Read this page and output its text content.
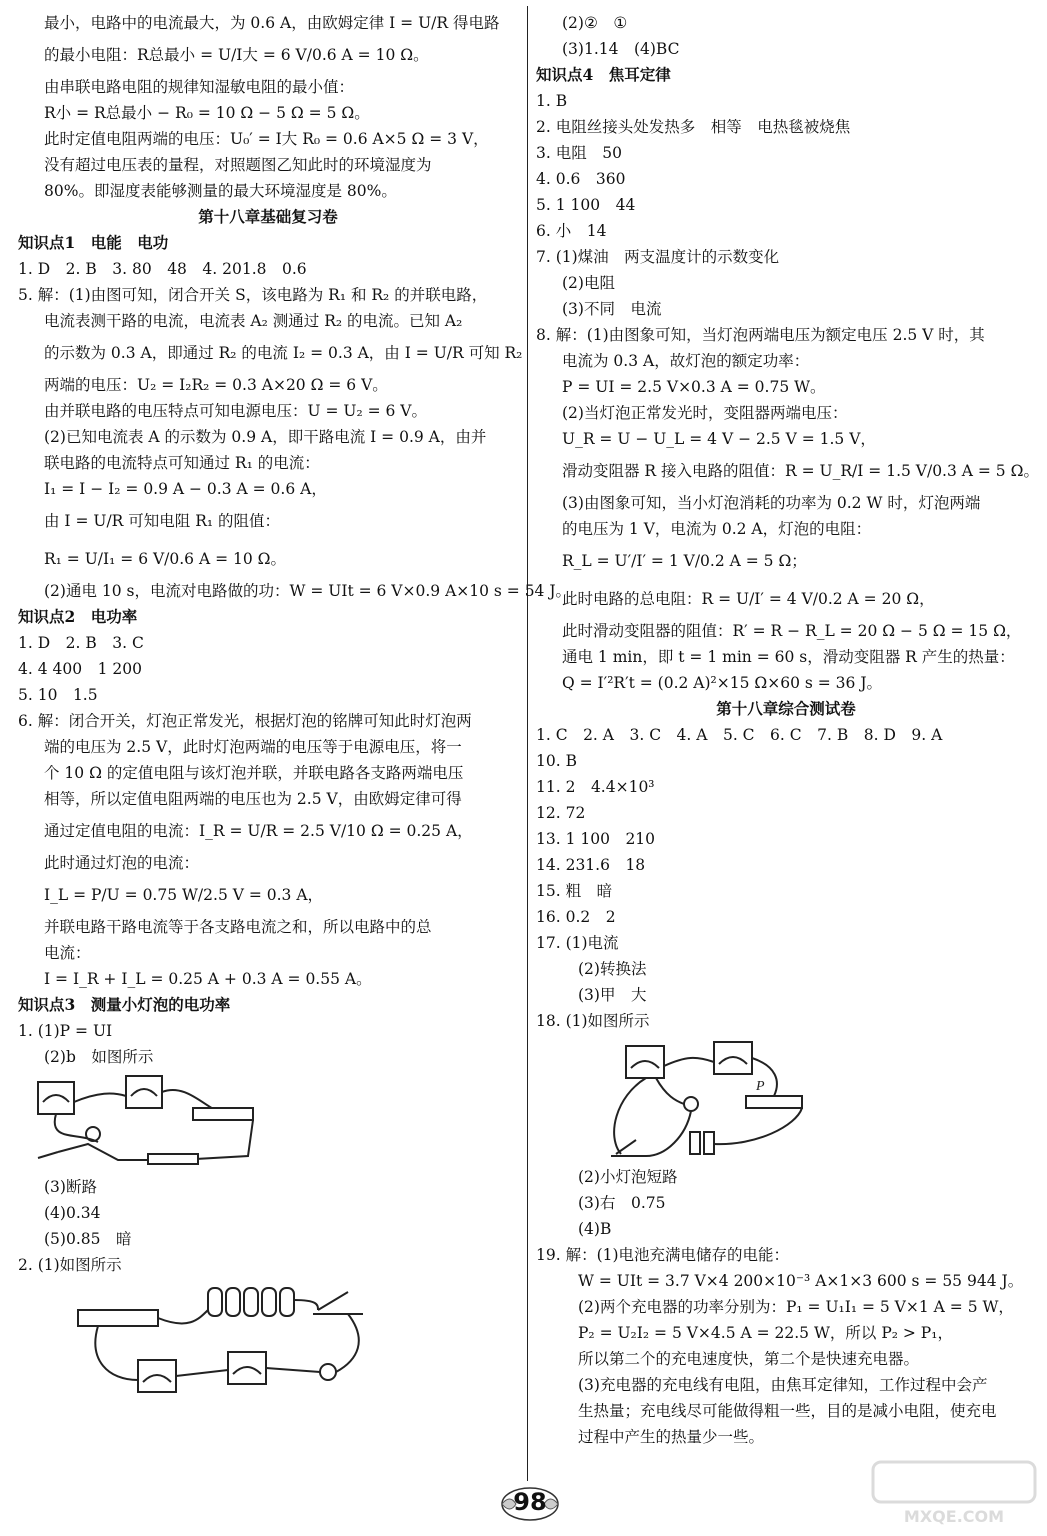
最小，电路中的电流最大，为 0.6 A，由欧姆定律 I = U/R 得电路
的最小电阻：R总最小 = U/I大 = 6 V/0.6 A = 10 Ω。
由串联电路电阻的规律知湿敏电阻的最小值：
R小 = R总最小 − R₀ = 10 Ω − 5 Ω = 5 Ω。
此时定值电阻两端的电压：U₀′ = I大 R₀ = 0.6 A×5 Ω = 3 V，
没有超过电压表的量程，对照题图乙知此时的环境湿度为
80%。即湿度表能够测量的最大环境湿度是 80%。
第十八章基础复习卷
知识点1　电能　电功
1. D　2. B　3. 80　48　4. 201.8　0.6
5. 解：(1)由图可知，闭合开关 S，该电路为 R₁ 和 R₂ 的并联电路，
电流表测干路的电流，电流表 A₂ 测通过 R₂ 的电流。已知 A₂
的示数为 0.3 A，即通过 R₂ 的电流 I₂ = 0.3 A，由 I = U/R 可知 R₂
两端的电压：U₂ = I₂R₂ = 0.3 A×20 Ω = 6 V。
由并联电路的电压特点可知电源电压：U = U₂ = 6 V。
(2)已知电流表 A 的示数为 0.9 A，即干路电流 I = 0.9 A，由并
联电路的电流特点可知通过 R₁ 的电流：
I₁ = I − I₂ = 0.9 A − 0.3 A = 0.6 A，
由 I = U/R 可知电阻 R₁ 的阻值：
R₁ = U/I₁ = 6 V/0.6 A = 10 Ω。
(2)通电 10 s，电流对电路做的功：W = UIt = 6 V×0.9 A×10 s = 54 J。
知识点2　电功率
1. D　2. B　3. C
4. 4 400　1 200
5. 10　1.5
6. 解：闭合开关，灯泡正常发光，根据灯泡的铭牌可知此时灯泡两
端的电压为 2.5 V，此时灯泡两端的电压等于电源电压，将一
个 10 Ω 的定值电阻与该灯泡并联，并联电路各支路两端电压
相等，所以定值电阻两端的电压也为 2.5 V，由欧姆定律可得
通过定值电阻的电流：I_R = U/R = 2.5 V/10 Ω = 0.25 A，
此时通过灯泡的电流：
I_L = P/U = 0.75 W/2.5 V = 0.3 A，
并联电路干路电流等于各支路电流之和，所以电路中的总
电流：
I = I_R + I_L = 0.25 A + 0.3 A = 0.55 A。
知识点3　测量小灯泡的电功率
1. (1)P = UI
(2)b　如图所示
(3)断路
(4)0.34
(5)0.85　暗
2. (1)如图所示
(2)②　①
(3)1.14　(4)BC
知识点4　焦耳定律
1. B
2. 电阻丝接头处发热多　相等　电热毯被烧焦
3. 电阻　50
4. 0.6　360
5. 1 100　44
6. 小　14
7. (1)煤油　两支温度计的示数变化
(2)电阻
(3)不同　电流
8. 解：(1)由图象可知，当灯泡两端电压为额定电压 2.5 V 时，其
电流为 0.3 A，故灯泡的额定功率：
P = UI = 2.5 V×0.3 A = 0.75 W。
(2)当灯泡正常发光时，变阻器两端电压：
U_R = U − U_L = 4 V − 2.5 V = 1.5 V，
滑动变阻器 R 接入电路的阻值：R = U_R/I = 1.5 V/0.3 A = 5 Ω。
(3)由图象可知，当小灯泡消耗的功率为 0.2 W 时，灯泡两端
的电压为 1 V，电流为 0.2 A，灯泡的电阻：
R_L = U′/I′ = 1 V/0.2 A = 5 Ω；
此时电路的总电阻：R = U/I′ = 4 V/0.2 A = 20 Ω，
此时滑动变阻器的阻值：R′ = R − R_L = 20 Ω − 5 Ω = 15 Ω，
通电 1 min，即 t = 1 min = 60 s，滑动变阻器 R 产生的热量：
Q = I′²R′t = (0.2 A)²×15 Ω×60 s = 36 J。
第十八章综合测试卷
1. C　2. A　3. C　4. A　5. C　6. C　7. B　8. D　9. A
10. B
11. 2　4.4×10³
12. 72
13. 1 100　210
14. 231.6　18
15. 粗　暗
16. 0.2　2
17. (1)电流
(2)转换法
(3)甲　大
18. (1)如图所示
P
(2)小灯泡短路
(3)右　0.75
(4)B
19. 解：(1)电池充满电储存的电能：
W = UIt = 3.7 V×4 200×10⁻³ A×1×3 600 s = 55 944 J。
(2)两个充电器的功率分别为：P₁ = U₁I₁ = 5 V×1 A = 5 W，
P₂ = U₂I₂ = 5 V×4.5 A = 22.5 W，所以 P₂ > P₁，
所以第二个的充电速度快，第二个是快速充电器。
(3)充电器的充电线有电阻，由焦耳定律知，工作过程中会产
生热量；充电线尽可能做得粗一些，目的是减小电阻，使充电
过程中产生的热量少一些。
98
MXQE.COM
